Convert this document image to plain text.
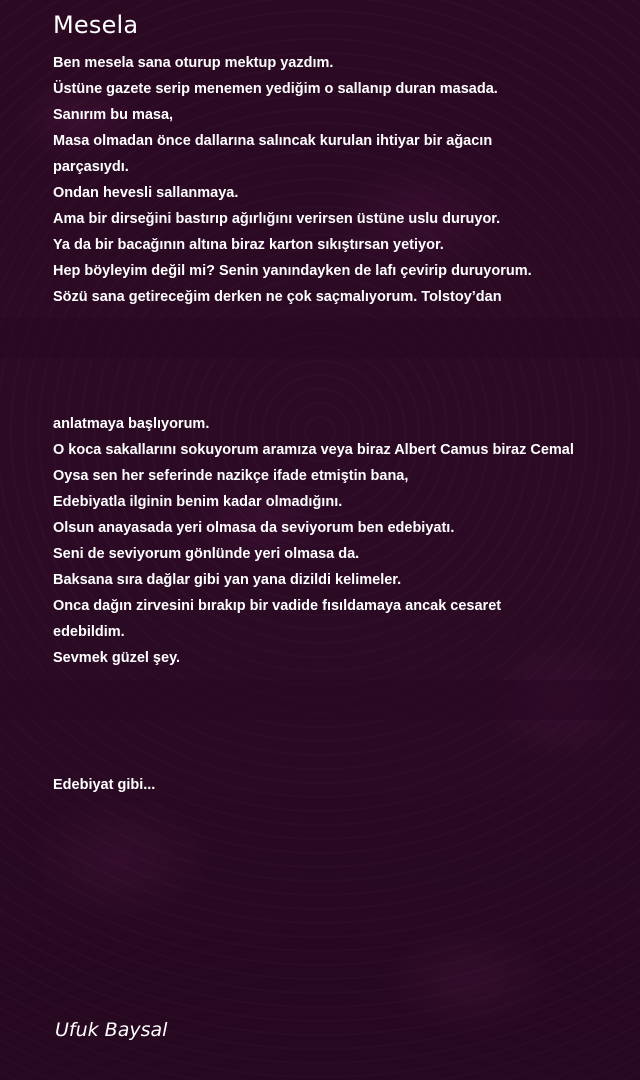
Mesela
Ben mesela sana oturup mektup yazdım.
Üstüne gazete serip menemen yediğim o sallanıp duran masada.
Sanırım bu masa,
Masa olmadan önce dallarına salıncak kurulan ihtiyar bir ağacın
parçasıydı.
Ondan hevesli sallanmaya.
Ama bir dirseğini bastırıp ağırlığını verirsen üstüne uslu duruyor.
Ya da bir bacağının altına biraz karton sıkıştırsan yetiyor.
Hep böyleyim değil mi? Senin yanındayken de lafı çevirip duruyorum.
Sözü sana getireceğim derken ne çok saçmalıyorum. Tolstoy’dan
anlatmaya başlıyorum.
O koca sakallarını sokuyorum aramıza veya biraz Albert Camus biraz Cemal
Oysa sen her seferinde nazikçe ifade etmiştin bana,
Edebiyatla ilginin benim kadar olmadığını.
Olsun anayasada yeri olmasa da seviyorum ben edebiyatı.
Seni de seviyorum gönlünde yeri olmasa da.
Baksana sıra dağlar gibi yan yana dizildi kelimeler.
Onca dağın zirvesini bırakıp bir vadide fısıldamaya ancak cesaret
edebildim.
Sevmek güzel şey.
Edebiyat gibi...

Ufuk Baysal
